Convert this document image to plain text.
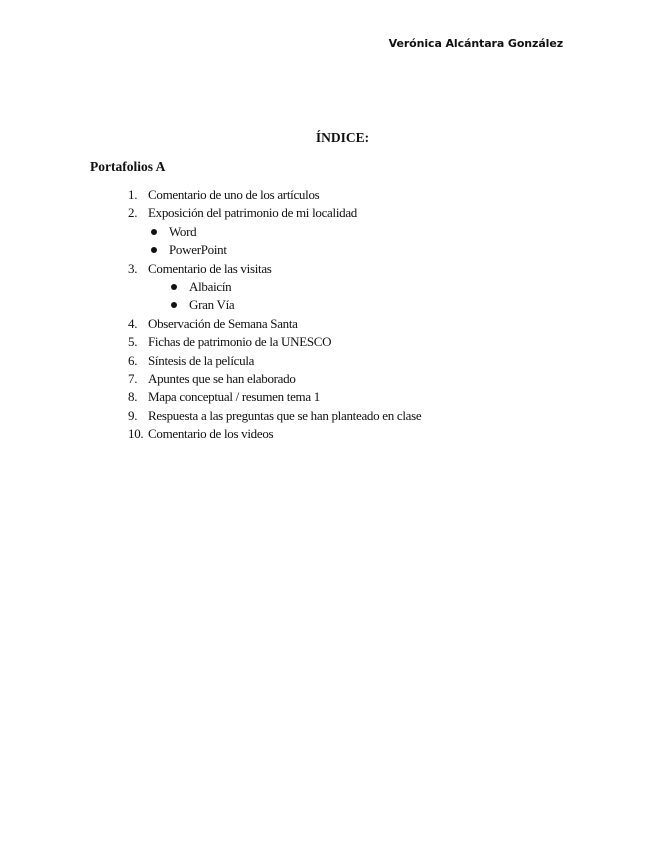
Verónica Alcántara González
ÍNDICE:
Portafolios A
1. Comentario de uno de los artículos
2. Exposición del patrimonio de mi localidad
Word
PowerPoint
3. Comentario de las visitas
Albaicín
Gran Vía
4. Observación de Semana Santa
5. Fichas de patrimonio de la UNESCO
6. Síntesis de la película
7. Apuntes que se han elaborado
8. Mapa conceptual / resumen tema 1
9. Respuesta a las preguntas que se han planteado en clase
10. Comentario de los videos
